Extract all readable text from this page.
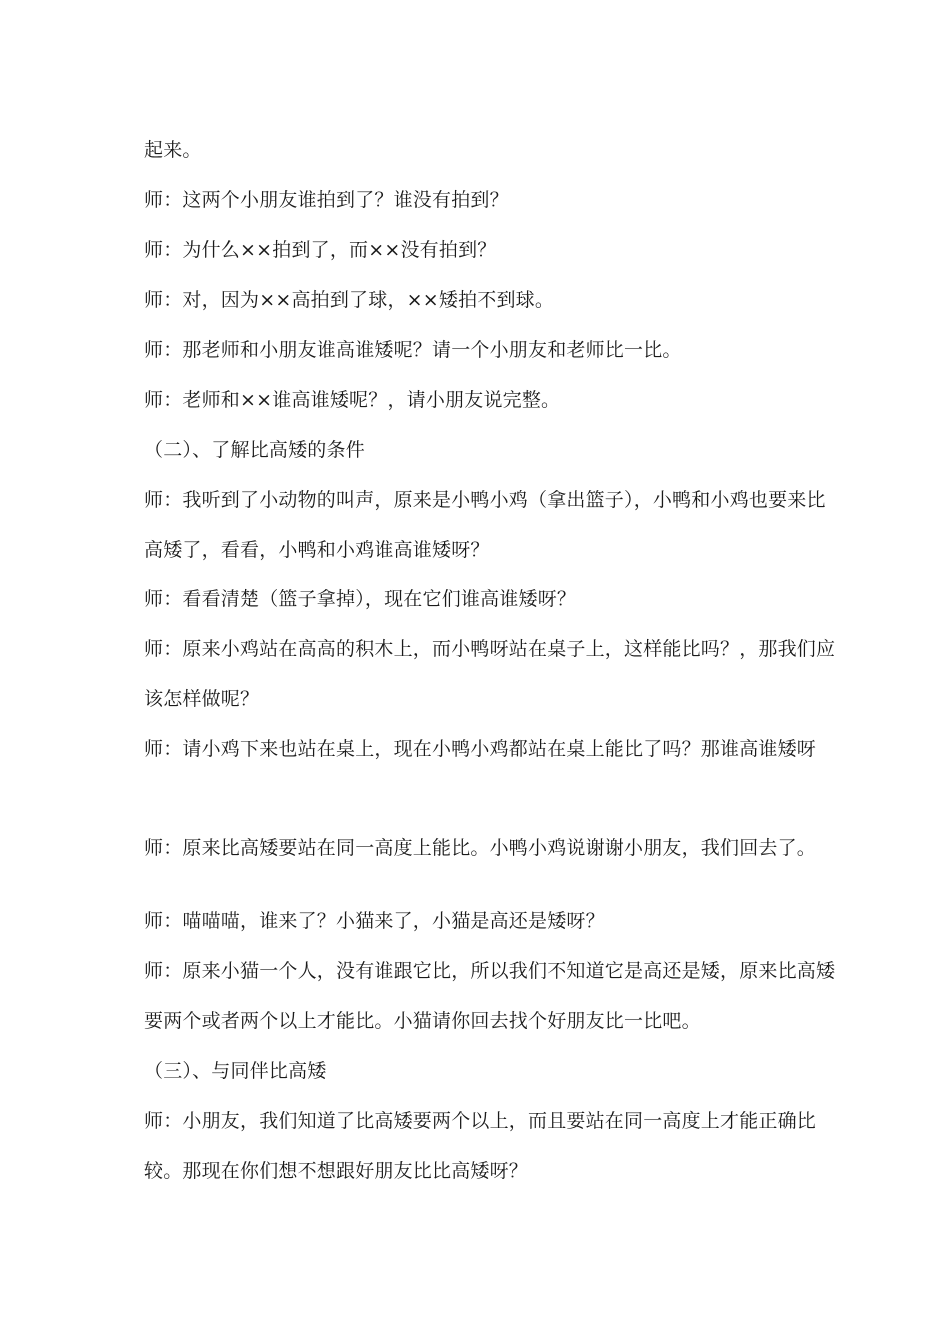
起来。
师：这两个小朋友谁拍到了？谁没有拍到？
师：为什么××拍到了，而××没有拍到？
师：对，因为××高拍到了球，××矮拍不到球。
师：那老师和小朋友谁高谁矮呢？请一个小朋友和老师比一比。
师：老师和××谁高谁矮呢？，请小朋友说完整。
（二）、了解比高矮的条件
师：我听到了小动物的叫声，原来是小鸭小鸡（拿出篮子），小鸭和小鸡也要来比
高矮了，看看，小鸭和小鸡谁高谁矮呀？
师：看看清楚（篮子拿掉），现在它们谁高谁矮呀？
师：原来小鸡站在高高的积木上，而小鸭呀站在桌子上，这样能比吗？，那我们应
该怎样做呢？
师：请小鸡下来也站在桌上，现在小鸭小鸡都站在桌上能比了吗？那谁高谁矮呀
师：原来比高矮要站在同一高度上能比。小鸭小鸡说谢谢小朋友，我们回去了。
师：喵喵喵，谁来了？小猫来了，小猫是高还是矮呀？
师：原来小猫一个人，没有谁跟它比，所以我们不知道它是高还是矮，原来比高矮
要两个或者两个以上才能比。小猫请你回去找个好朋友比一比吧。
（三）、与同伴比高矮
师：小朋友，我们知道了比高矮要两个以上，而且要站在同一高度上才能正确比
较。那现在你们想不想跟好朋友比比高矮呀？
